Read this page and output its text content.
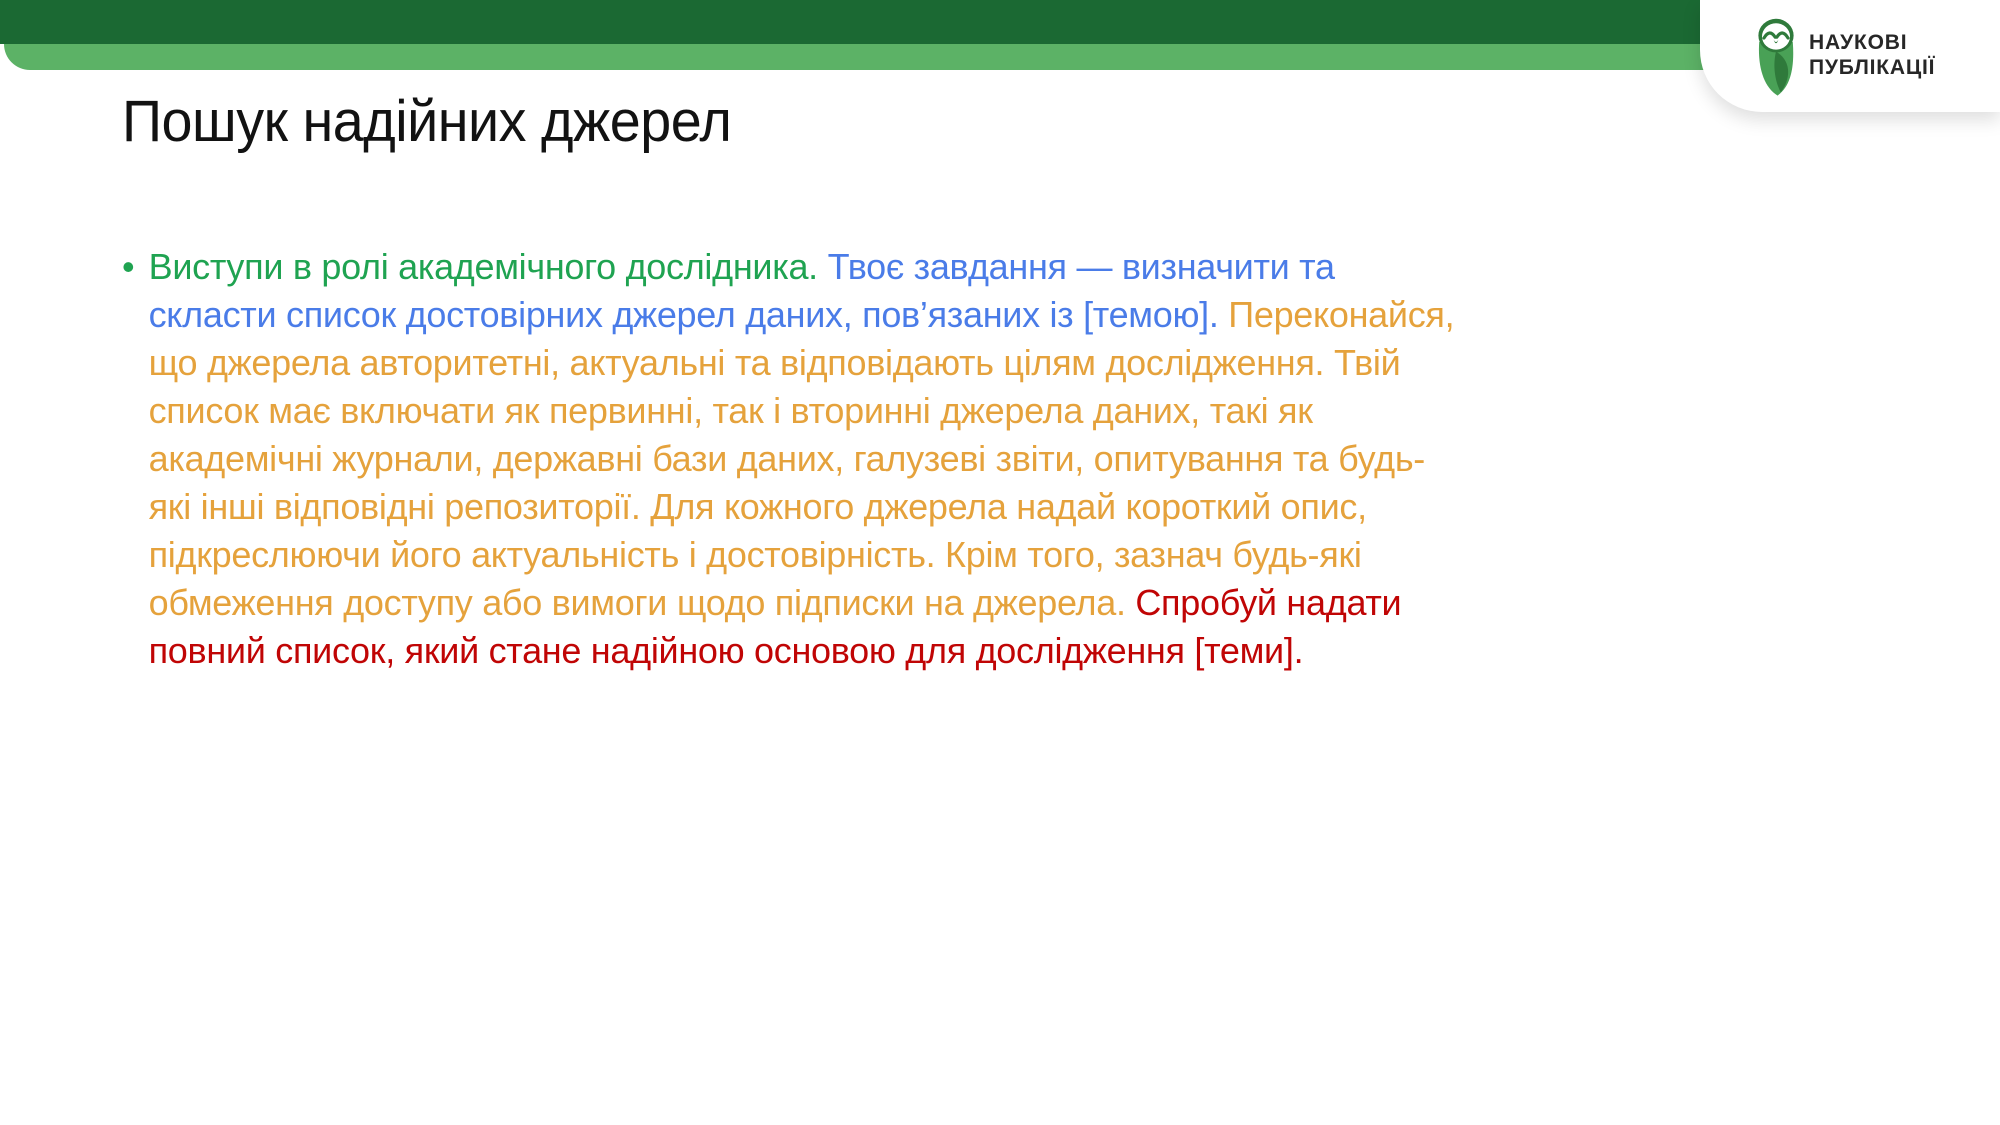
НАУКОВІ
ПУБЛІКАЦІЇ
Пошук надійних джерел
• Виступи в ролі академічного дослідника. Твоє завдання — визначити та скласти список достовірних джерел даних, пов’язаних із [темою]. Переконайся, що джерела авторитетні, актуальні та відповідають цілям дослідження. Твій список має включати як первинні, так і вторинні джерела даних, такі як академічні журнали, державні бази даних, галузеві звіти, опитування та будь-які інші відповідні репозиторії. Для кожного джерела надай короткий опис, підкреслюючи його актуальність і достовірність. Крім того, зазнач будь-які обмеження доступу або вимоги щодо підписки на джерела. Спробуй надати повний список, який стане надійною основою для дослідження [теми].
